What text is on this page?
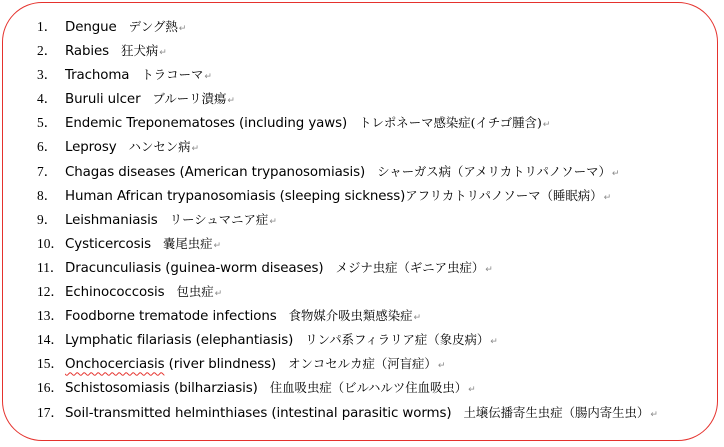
1． Dengue デング熱 ↵
2． Rabies 狂犬病 ↵
3． Trachoma トラコーマ ↵
4． Buruli ulcer ブルーリ潰瘍 ↵
5． Endemic Treponematoses (including yaws) トレポネーマ感染症(イチゴ腫含) ↵
6． Leprosy ハンセン病 ↵
7． Chagas diseases (American trypanosomiasis) シャーガス病（アメリカトリパノソーマ） ↵
8． Human African trypanosomiasis (sleeping sickness) アフリカトリパノソーマ（睡眠病） ↵
9． Leishmaniasis リーシュマニア症 ↵
10． Cysticercosis 嚢尾虫症 ↵
11． Dracunculiasis (guinea-worm diseases) メジナ虫症（ギニア虫症） ↵
12． Echinococcosis 包虫症 ↵
13． Foodborne trematode infections 食物媒介吸虫類感染症 ↵
14． Lymphatic filariasis (elephantiasis) リンパ系フィラリア症（象皮病） ↵
15． Onchocerciasis (river blindness) オンコセルカ症（河盲症） ↵
16． Schistosomiasis (bilharziasis) 住血吸虫症（ビルハルツ住血吸虫） ↵
17． Soil-transmitted helminthiases (intestinal parasitic worms) 土壌伝播寄生虫症（腸内寄生虫） ↵
